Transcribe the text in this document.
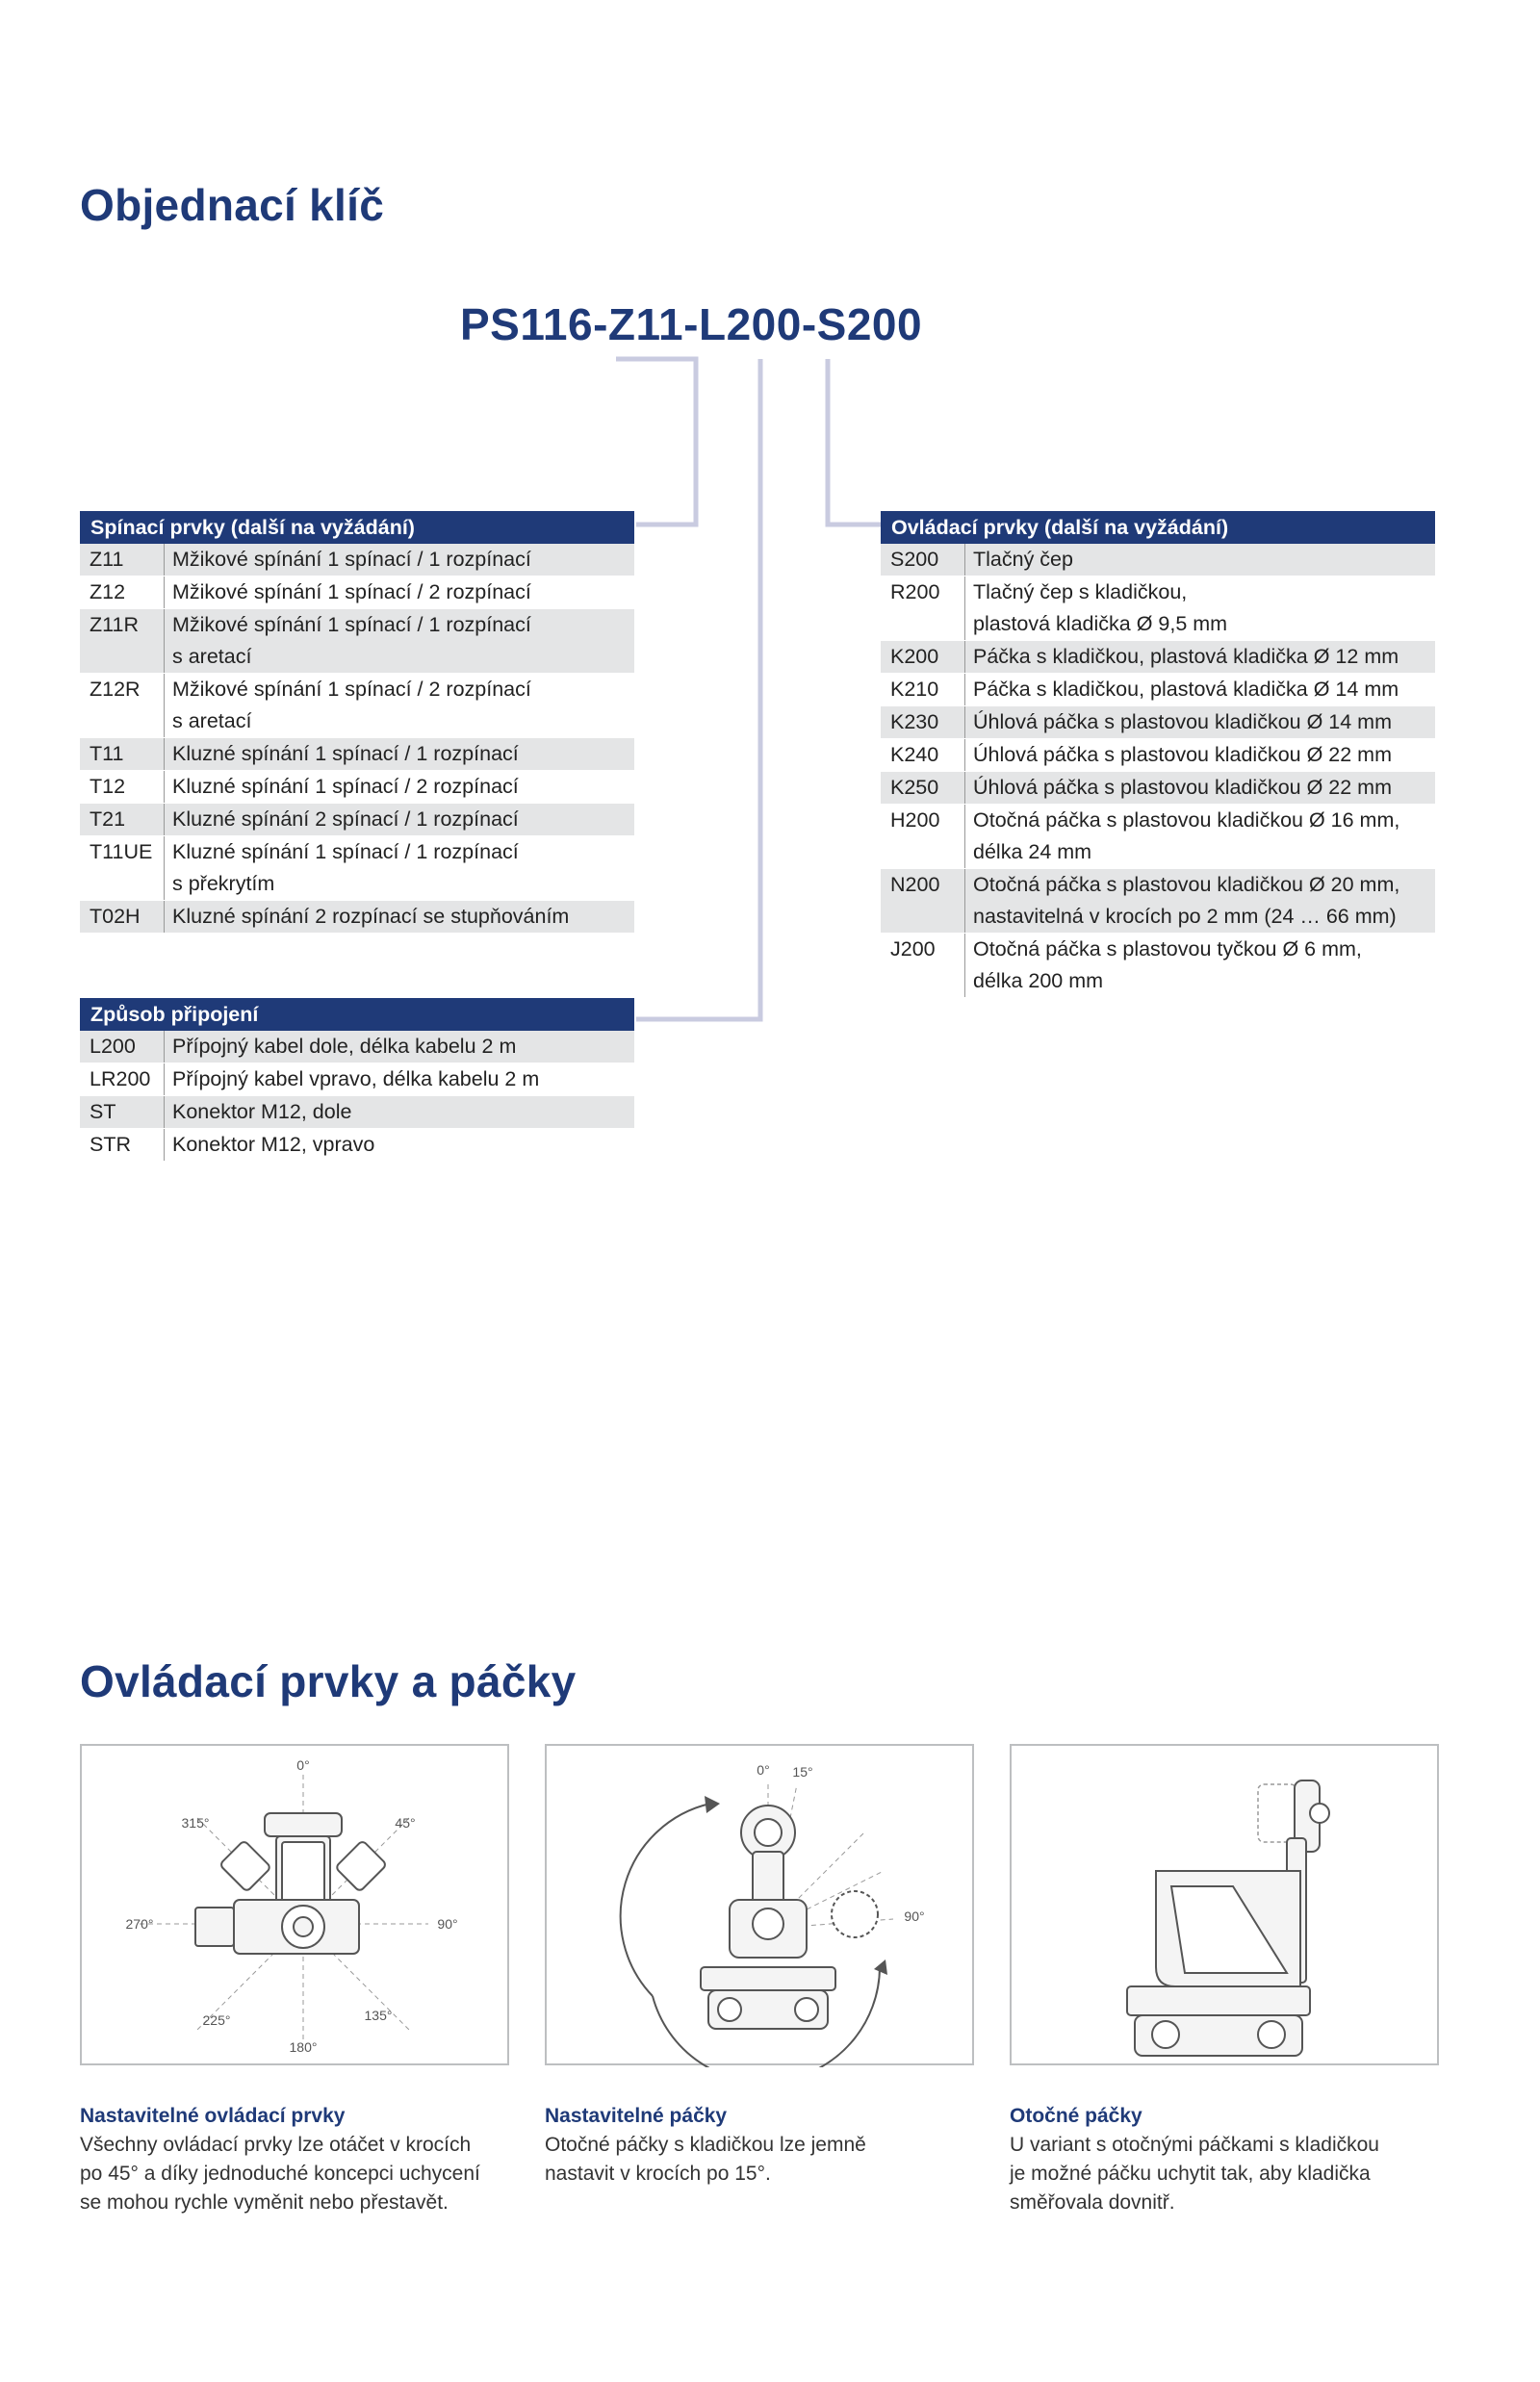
Objednací klíč
PS116-Z11-L200-S200
Spínací prvky (další na vyžádání)
Z11	Mžikové spínání 1 spínací / 1 rozpínací
Z12	Mžikové spínání 1 spínací / 2 rozpínací
Z11R	Mžikové spínání 1 spínací / 1 rozpínací
s aretací
Z12R	Mžikové spínání 1 spínací / 2 rozpínací
s aretací
T11	Kluzné spínání 1 spínací / 1 rozpínací
T12	Kluzné spínání 1 spínací / 2 rozpínací
T21	Kluzné spínání 2 spínací / 1 rozpínací
T11UE Kluzné spínání 1 spínací / 1 rozpínací
s překrytím
T02H	Kluzné spínání 2 rozpínací se stupňováním
Způsob připojení
L200	Přípojný kabel dole, délka kabelu 2 m
LR200	Přípojný kabel vpravo, délka kabelu 2 m
ST	Konektor M12, dole
STR	Konektor M12, vpravo
Ovládací prvky (další na vyžádání)
S200	Tlačný čep
R200	Tlačný čep s kladičkou,
plastová kladička Ø 9,5 mm
K200	Páčka s kladičkou, plastová kladička Ø 12 mm
K210	Páčka s kladičkou, plastová kladička Ø 14 mm
K230	Úhlová páčka s plastovou kladičkou Ø 14 mm
K240	Úhlová páčka s plastovou kladičkou Ø 22 mm
K250	Úhlová páčka s plastovou kladičkou Ø 22 mm
H200	Otočná páčka s plastovou kladičkou Ø 16 mm,
délka 24 mm
N200	Otočná páčka s plastovou kladičkou Ø 20 mm,
nastavitelná v krocích po 2 mm (24 … 66 mm)
J200	Otočná páčka s plastovou tyčkou Ø 6 mm,
délka 200 mm
Ovládací prvky a páčky
0°
45°
90°
135°
180°
225°
270°
315°
0° 15°
90°
Nastavitelné ovládací prvky
Všechny ovládací prvky lze otáčet v krocích
po 45° a díky jednoduché koncepci uchycení
se mohou rychle vyměnit nebo přestavět.
Nastavitelné páčky
Otočné páčky s kladičkou lze jemně
nastavit v krocích po 15°.
Otočné páčky
U variant s otočnými páčkami s kladičkou
je možné páčku uchytit tak, aby kladička
směřovala dovnitř.
